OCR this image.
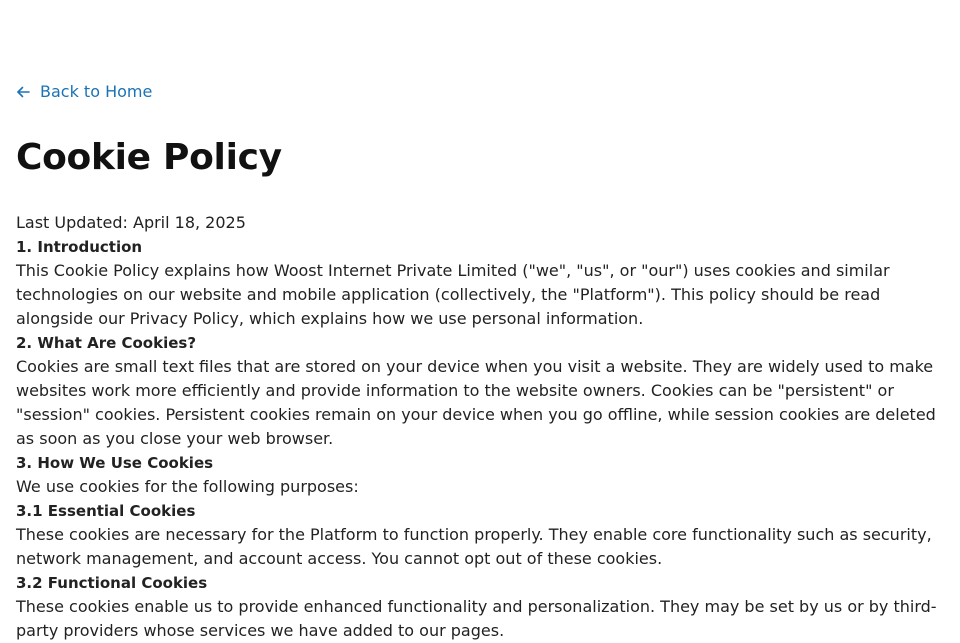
Back to Home
Cookie Policy
Last Updated: April 18, 2025
1. Introduction

This Cookie Policy explains how Woost Internet Private Limited ("we", "us", or "our") uses cookies and similar technologies on our website and mobile application (collectively, the "Platform"). This policy should be read alongside our Privacy Policy, which explains how we use personal information.

2. What Are Cookies?

Cookies are small text files that are stored on your device when you visit a website. They are widely used to make websites work more efficiently and provide information to the website owners. Cookies can be "persistent" or "session" cookies. Persistent cookies remain on your device when you go offline, while session cookies are deleted as soon as you close your web browser.

3. How We Use Cookies

We use cookies for the following purposes:

3.1 Essential Cookies

These cookies are necessary for the Platform to function properly. They enable core functionality such as security, network management, and account access. You cannot opt out of these cookies.

3.2 Functional Cookies

These cookies enable us to provide enhanced functionality and personalization. They may be set by us or by third-party providers whose services we have added to our pages.
